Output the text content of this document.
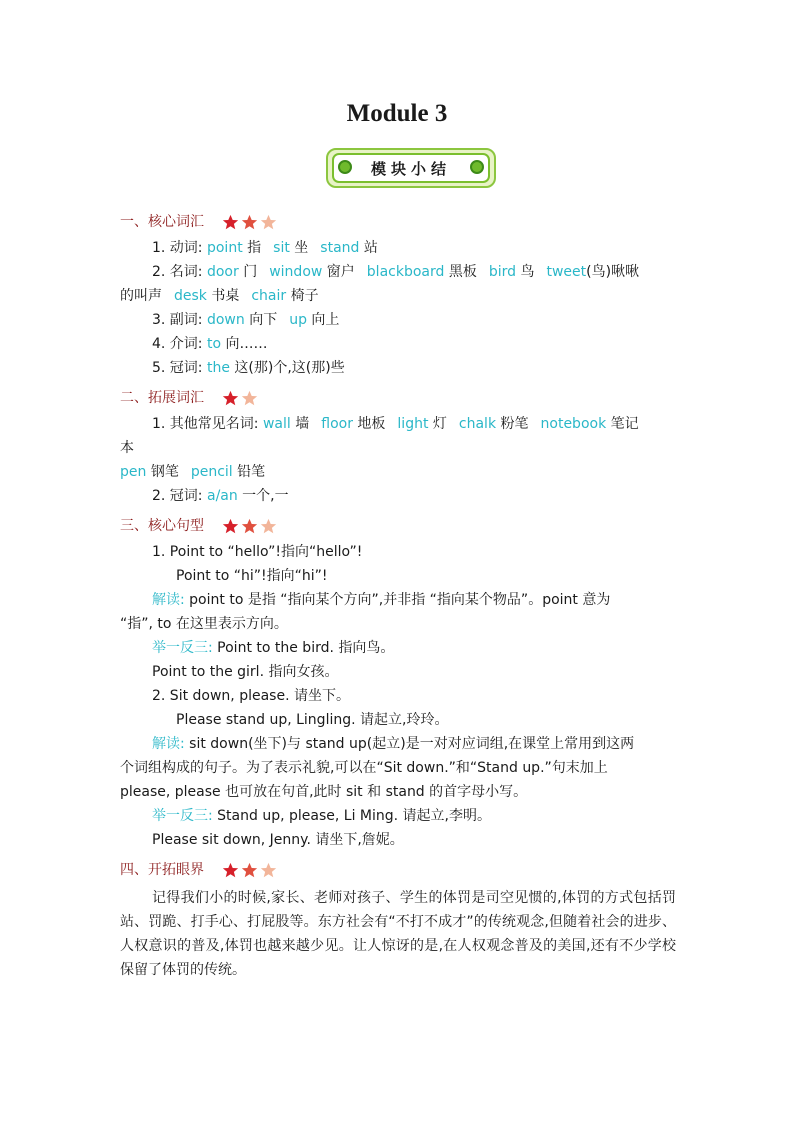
Module 3
模块小结
一、核心词汇
1. 动词: point 指 sit 坐 stand 站
2. 名词: door 门 window 窗户 blackboard 黑板 bird 鸟 tweet(鸟)啾啾
的叫声 desk 书桌 chair 椅子
3. 副词: down 向下 up 向上
4. 介词: to 向……
5. 冠词: the 这(那)个,这(那)些
二、拓展词汇
1. 其他常见名词: wall 墙 floor 地板 light 灯 chalk 粉笔 notebook 笔记
本
pen 钢笔 pencil 铅笔
2. 冠词: a/an 一个,一
三、核心句型
1. Point to “hello”!指向“hello”!
Point to “hi”!指向“hi”!
解读: point to 是指 “指向某个方向”,并非指 “指向某个物品”。point 意为
“指”, to 在这里表示方向。
举一反三: Point to the bird. 指向鸟。
Point to the girl. 指向女孩。
2. Sit down, please. 请坐下。
Please stand up, Lingling. 请起立,玲玲。
解读: sit down(坐下)与 stand up(起立)是一对对应词组,在课堂上常用到这两
个词组构成的句子。为了表示礼貌,可以在“Sit down.”和“Stand up.”句末加上
please, please 也可放在句首,此时 sit 和 stand 的首字母小写。
举一反三: Stand up, please, Li Ming. 请起立,李明。
Please sit down, Jenny. 请坐下,詹妮。
四、开拓眼界
记得我们小的时候,家长、老师对孩子、学生的体罚是司空见惯的,体罚的方式包括罚站、罚跪、打手心、打屁股等。东方社会有“不打不成才”的传统观念,但随着社会的进步、人权意识的普及,体罚也越来越少见。让人惊讶的是,在人权观念普及的美国,还有不少学校保留了体罚的传统。
